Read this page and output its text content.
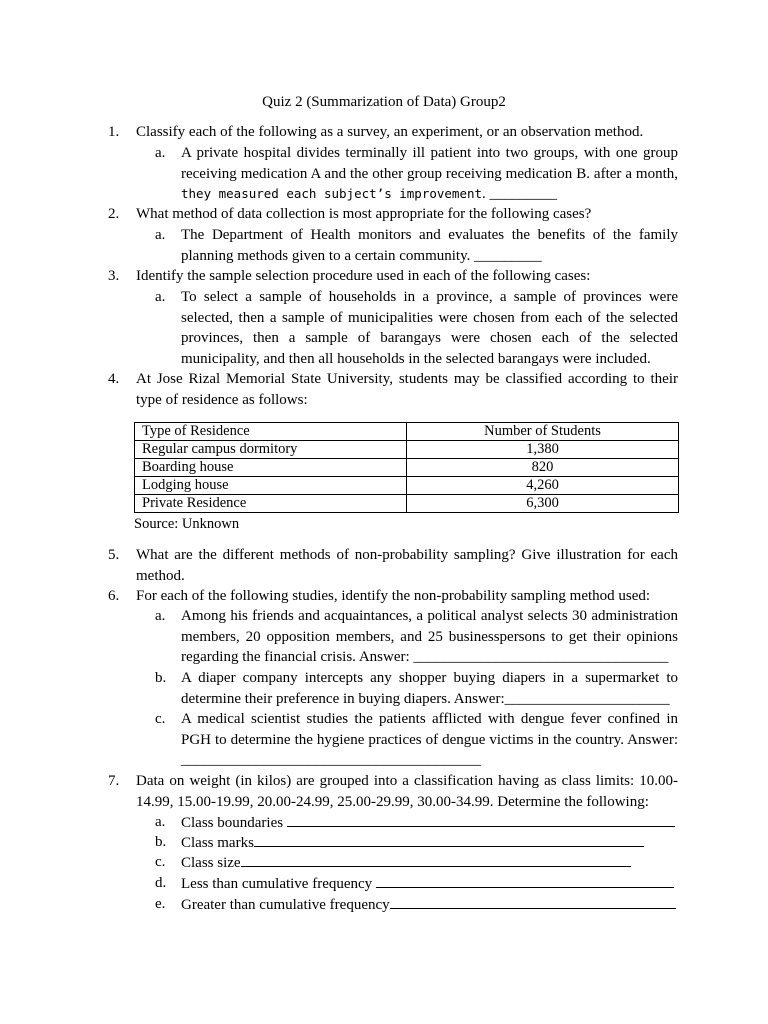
Quiz 2 (Summarization of Data) Group2
1.	Classify each of the following as a survey, an experiment, or an observation method.
a.	A private hospital divides terminally ill patient into two groups, with one group receiving medication A and the other group receiving medication B. after a month, they measured each subject’s improvement. _________
2.	What method of data collection is most appropriate for the following cases?
a.	The Department of Health monitors and evaluates the benefits of the family planning methods given to a certain community. _________
3.	Identify the sample selection procedure used in each of the following cases:
a.	To select a sample of households in a province, a sample of provinces were selected, then a sample of municipalities were chosen from each of the selected provinces, then a sample of barangays were chosen each of the selected municipality, and then all households in the selected barangays were included.
4.	At Jose Rizal Memorial State University, students may be classified according to their type of residence as follows:
Type of Residence	Number of Students
Regular campus dormitory	1,380
Boarding house	820
Lodging house	4,260
Private Residence	6,300
Source: Unknown
5.	What are the different methods of non-probability sampling? Give illustration for each method.
6.	For each of the following studies, identify the non-probability sampling method used:
a.	Among his friends and acquaintances, a political analyst selects 30 administration members, 20 opposition members, and 25 businesspersons to get their opinions regarding the financial crisis. Answer: __________________________________
b. A diaper company intercepts any shopper buying diapers in a supermarket to determine their preference in buying diapers. Answer:______________________
c.	A medical scientist studies the patients afflicted with dengue fever confined in PGH to determine the hygiene practices of dengue victims in the country. Answer: ________________________________________
7.	Data on weight (in kilos) are grouped into a classification having as class limits: 10.00-14.99, 15.00-19.99, 20.00-24.99, 25.00-29.99, 30.00-34.99. Determine the following:
a.	Class boundaries
b. Class marks
c.	Class size
d. Less than cumulative frequency
e.	Greater than cumulative frequency
